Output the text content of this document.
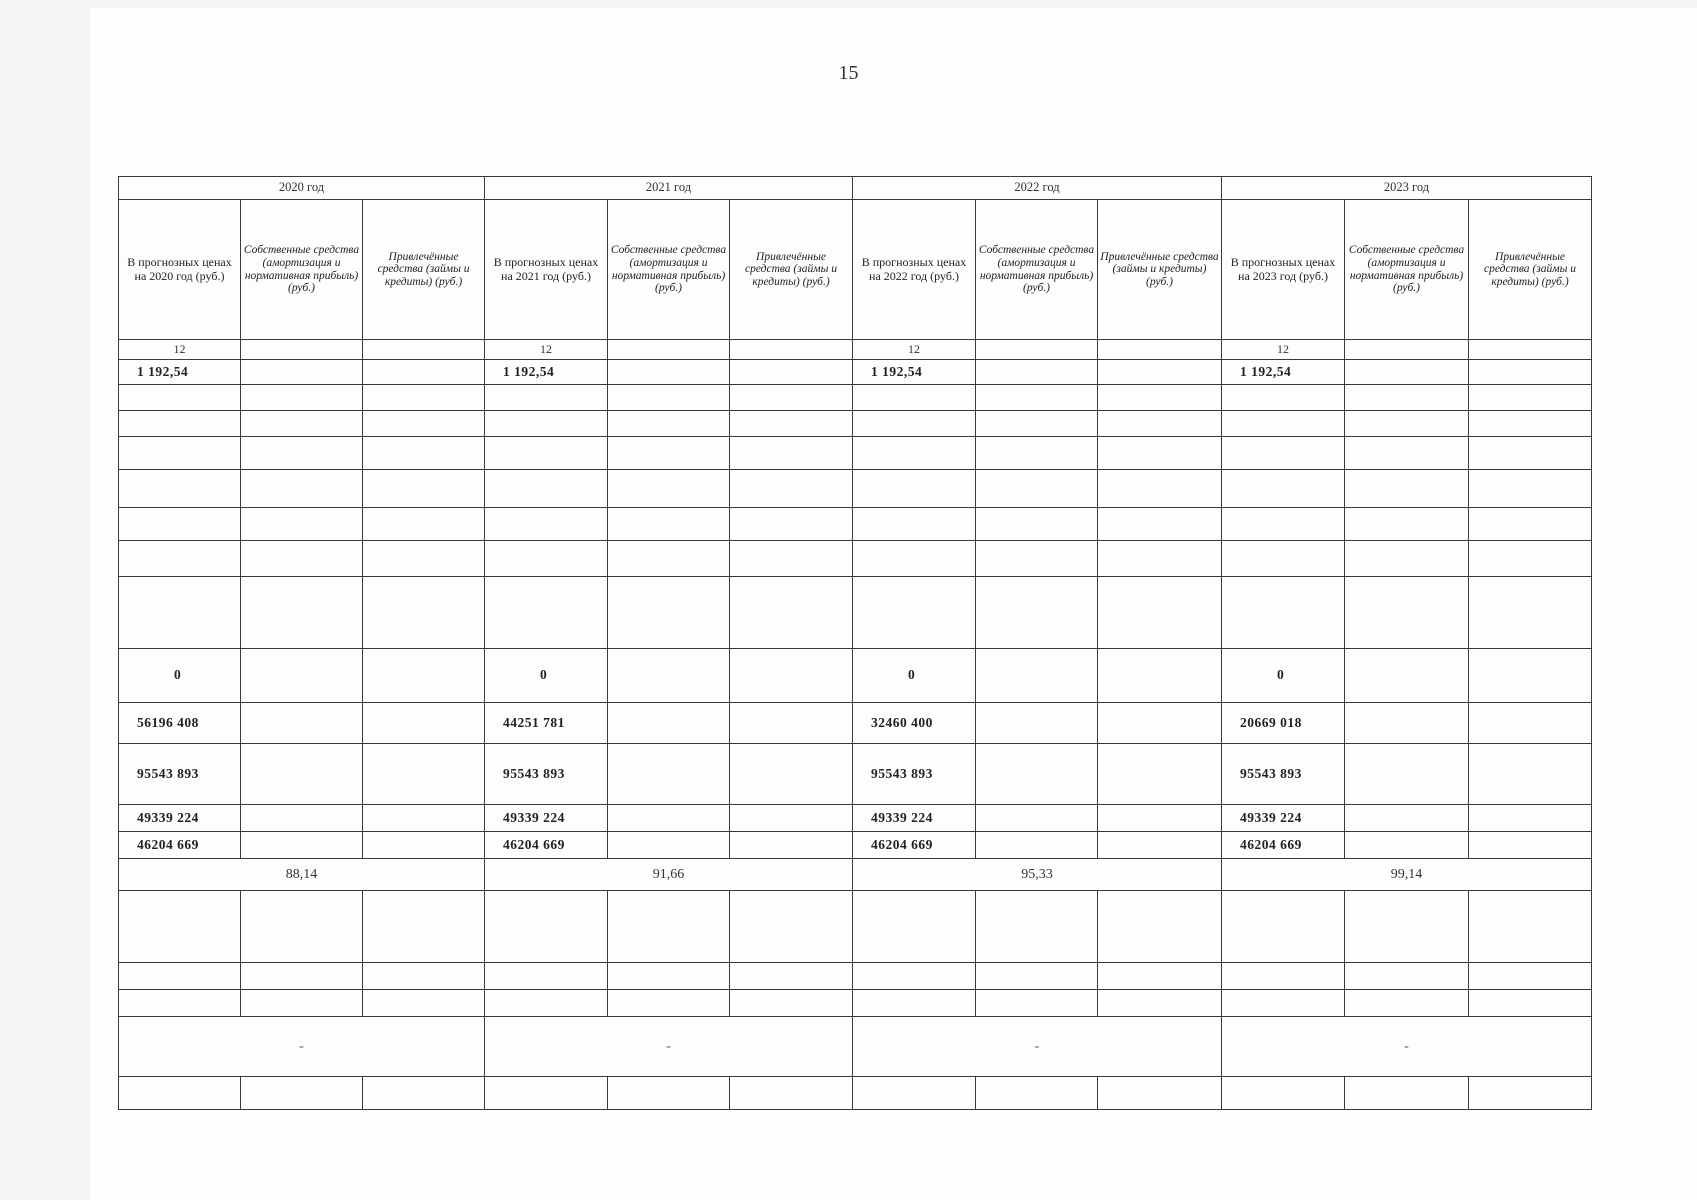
15
2020 год			2021 год			2022 год			2023 год		
В прогнозных ценах на 2020 год (руб.)	Собственные средства (амортизация и нормативная прибыль) (руб.)	Привлечённые средства (займы и кредиты) (руб.)	В прогнозных ценах на 2021 год (руб.)	Собственные средства (амортизация и нормативная прибыль) (руб.)	Привлечённые средства (займы и кредиты) (руб.)	В прогнозных ценах на 2022 год (руб.)	Собственные средства (амортизация и нормативная прибыль) (руб.)	Привлечённые средства (займы и кредиты) (руб.)	В прогнозных ценах на 2023 год (руб.)	Собственные средства (амортизация и нормативная прибыль) (руб.)	Привлечённые средства (займы и кредиты) (руб.)
12			12			12			12		
1 192,54			1 192,54			1 192,54			1 192,54		

0			0			0			0		
56196 408			44251 781			32460 400			20669 018		
95543 893			95543 893			95543 893			95543 893		
49339 224			49339 224			49339 224			49339 224		
46204 669			46204 669			46204 669			46204 669		
88,14			91,66			95,33			99,14		

-			-			-			-		
